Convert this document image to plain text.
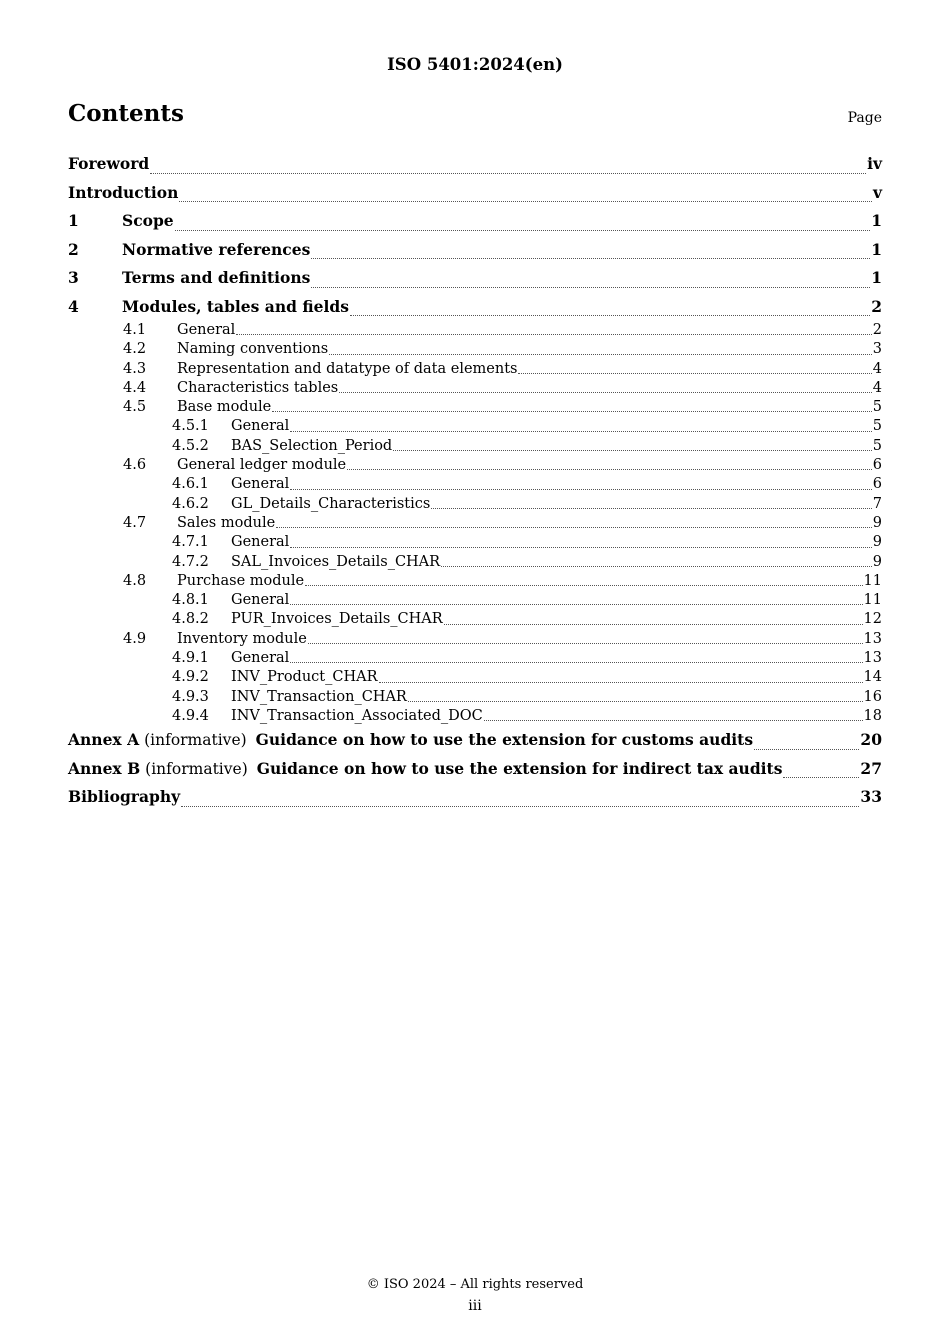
ISO 5401:2024(en)
Contents	Page
Foreword	iv
Introduction	v
1	Scope	1
2	Normative references	1
3	Terms and definitions	1
4	Modules, tables and fields	2
4.1	General	2
4.2	Naming conventions	3
4.3	Representation and datatype of data elements	4
4.4	Characteristics tables	4
4.5	Base module	5
4.5.1	General	5
4.5.2	BAS_Selection_Period	5
4.6	General ledger module	6
4.6.1	General	6
4.6.2	GL_Details_Characteristics	7
4.7	Sales module	9
4.7.1	General	9
4.7.2	SAL_Invoices_Details_CHAR	9
4.8	Purchase module	11
4.8.1	General	11
4.8.2	PUR_Invoices_Details_CHAR	12
4.9	Inventory module	13
4.9.1	General	13
4.9.2	INV_Product_CHAR	14
4.9.3	INV_Transaction_CHAR	16
4.9.4	INV_Transaction_Associated_DOC	18
Annex A (informative) Guidance on how to use the extension for customs audits	20
Annex B (informative) Guidance on how to use the extension for indirect tax audits	27
Bibliography	33
© ISO 2024 – All rights reserved
iii
